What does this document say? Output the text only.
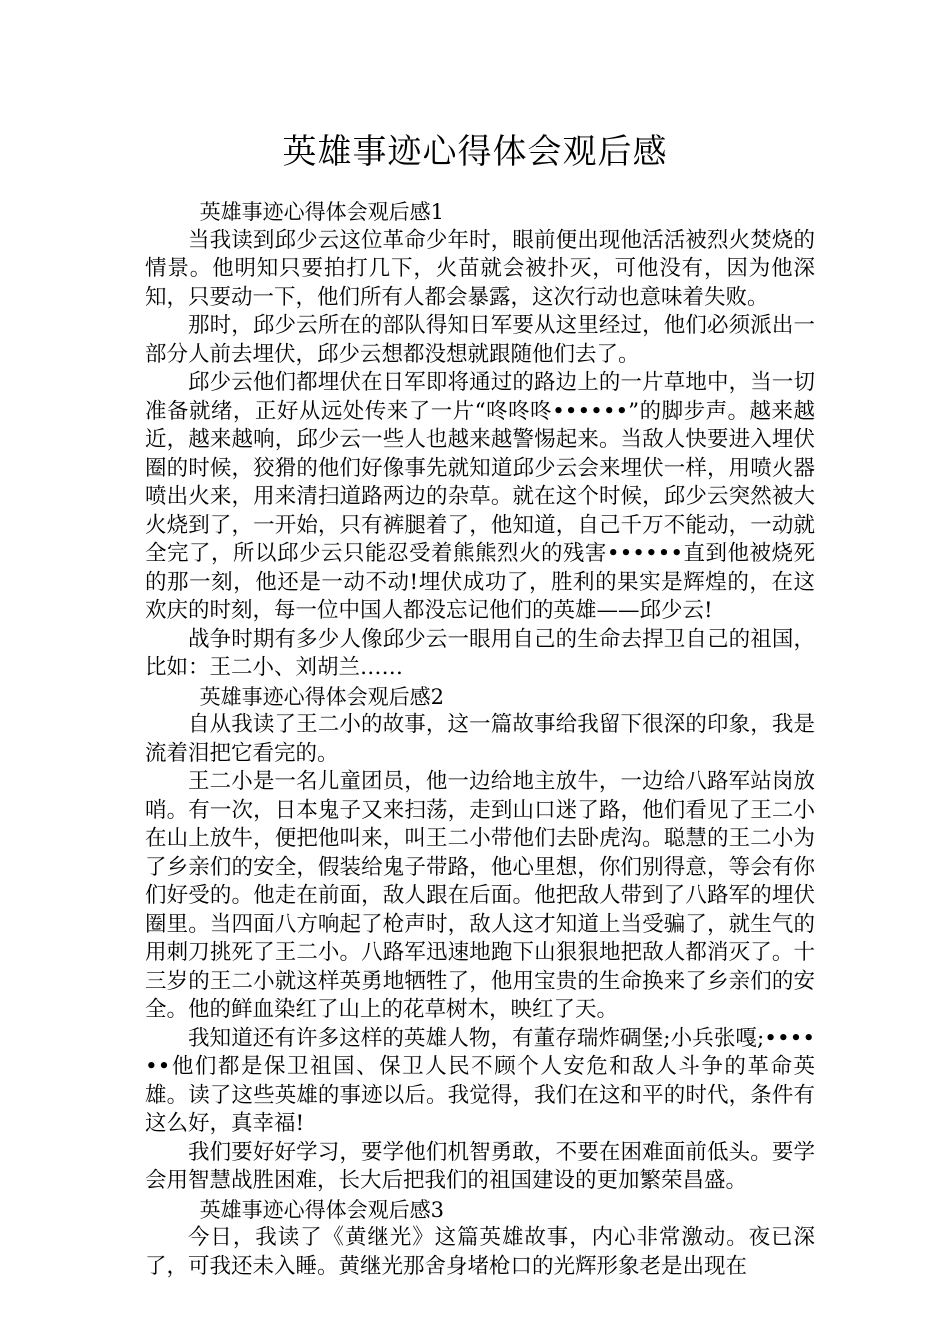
英雄事迹心得体会观后感

英雄事迹心得体会观后感1

当我读到邱少云这位革命少年时，眼前便出现他活活被烈火焚烧的情景。他明知只要拍打几下，火苗就会被扑灭，可他没有，因为他深知，只要动一下，他们所有人都会暴露，这次行动也意味着失败。

那时，邱少云所在的部队得知日军要从这里经过，他们必须派出一部分人前去埋伏，邱少云想都没想就跟随他们去了。

邱少云他们都埋伏在日军即将通过的路边上的一片草地中，当一切准备就绪，正好从远处传来了一片“咚咚咚••••••”的脚步声。越来越近，越来越响，邱少云一些人也越来越警惕起来。当敌人快要进入埋伏圈的时候，狡猾的他们好像事先就知道邱少云会来埋伏一样，用喷火器喷出火来，用来清扫道路两边的杂草。就在这个时候，邱少云突然被大火烧到了，一开始，只有裤腿着了，他知道，自己千万不能动，一动就全完了，所以邱少云只能忍受着熊熊烈火的残害••••••直到他被烧死的那一刻，他还是一动不动!埋伏成功了，胜利的果实是辉煌的，在这欢庆的时刻，每一位中国人都没忘记他们的英雄——邱少云!

战争时期有多少人像邱少云一眼用自己的生命去捍卫自己的祖国，比如：王二小、刘胡兰……

英雄事迹心得体会观后感2

自从我读了王二小的故事，这一篇故事给我留下很深的印象，我是流着泪把它看完的。

王二小是一名儿童团员，他一边给地主放牛，一边给八路军站岗放哨。有一次，日本鬼子又来扫荡，走到山口迷了路，他们看见了王二小在山上放牛，便把他叫来，叫王二小带他们去卧虎沟。聪慧的王二小为了乡亲们的安全，假装给鬼子带路，他心里想，你们别得意，等会有你们好受的。他走在前面，敌人跟在后面。他把敌人带到了八路军的埋伏圈里。当四面八方响起了枪声时，敌人这才知道上当受骗了，就生气的用刺刀挑死了王二小。八路军迅速地跑下山狠狠地把敌人都消灭了。十三岁的王二小就这样英勇地牺牲了，他用宝贵的生命换来了乡亲们的安全。他的鲜血染红了山上的花草树木，映红了天。

我知道还有许多这样的英雄人物，有董存瑞炸碉堡;小兵张嘎;••••••他们都是保卫祖国、保卫人民不顾个人安危和敌人斗争的革命英雄。读了这些英雄的事迹以后。我觉得，我们在这和平的时代，条件有这么好，真幸福!

我们要好好学习，要学他们机智勇敢，不要在困难面前低头。要学会用智慧战胜困难，长大后把我们的祖国建设的更加繁荣昌盛。

英雄事迹心得体会观后感3

今日，我读了《黄继光》这篇英雄故事，内心非常激动。夜已深了，可我还未入睡。黄继光那舍身堵枪口的光辉形象老是出现在
